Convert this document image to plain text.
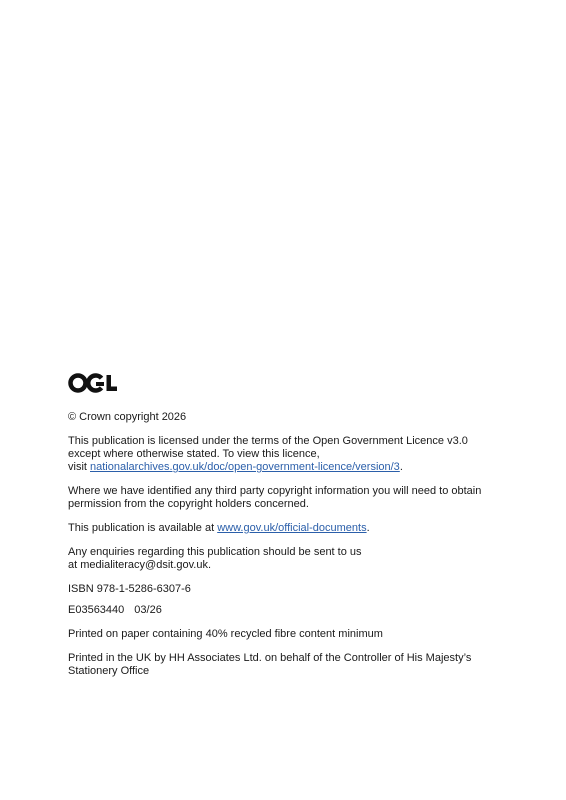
© Crown copyright 2026

This publication is licensed under the terms of the Open Government Licence v3.0

except where otherwise stated. To view this licence,

visit nationalarchives.gov.uk/doc/open-government-licence/version/3.

Where we have identified any third party copyright information you will need to obtain

permission from the copyright holders concerned.

This publication is available at www.gov.uk/official-documents.

Any enquiries regarding this publication should be sent to us

at medialiteracy@dsit.gov.uk.

ISBN 978-1-5286-6307-6

E03563440 03/26

Printed on paper containing 40% recycled fibre content minimum

Printed in the UK by HH Associates Ltd. on behalf of the Controller of His Majesty’s

Stationery Office
